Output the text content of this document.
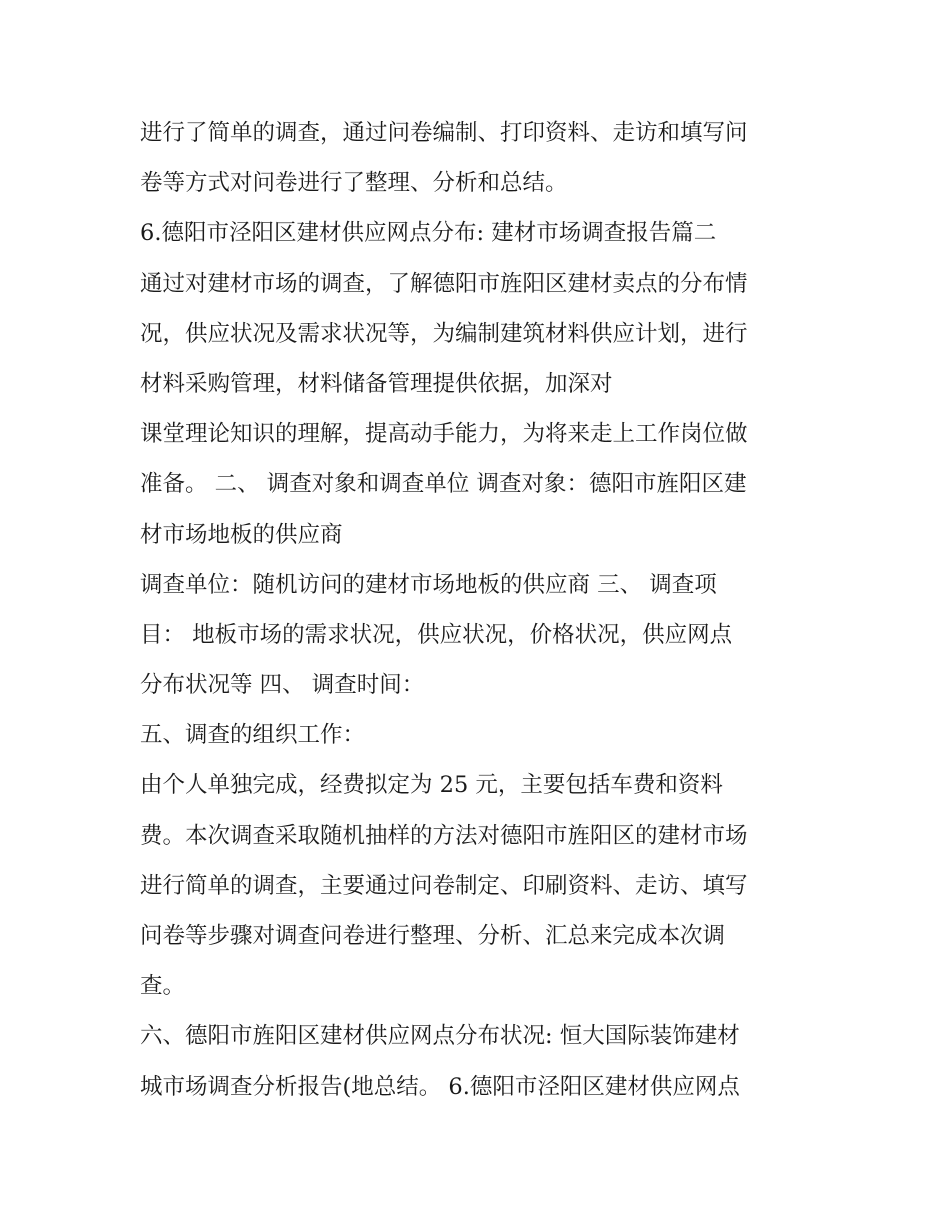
进行了简单的调查，通过问卷编制、打印资料、走访和填写问
卷等方式对问卷进行了整理、分析和总结。
6.德阳市泾阳区建材供应网点分布: 建材市场调查报告篇二
通过对建材市场的调查，了解德阳市旌阳区建材卖点的分布情
况，供应状况及需求状况等，为编制建筑材料供应计划，进行
材料采购管理，材料储备管理提供依据，加深对
课堂理论知识的理解，提高动手能力，为将来走上工作岗位做
准备。 二、 调查对象和调查单位 调查对象：德阳市旌阳区建
材市场地板的供应商
调查单位：随机访问的建材市场地板的供应商 三、 调查项
目： 地板市场的需求状况，供应状况，价格状况，供应网点
分布状况等 四、 调查时间：
五、调查的组织工作：
由个人单独完成，经费拟定为 25 元，主要包括车费和资料
费。本次调查采取随机抽样的方法对德阳市旌阳区的建材市场
进行简单的调查，主要通过问卷制定、印刷资料、走访、填写
问卷等步骤对调查问卷进行整理、分析、汇总来完成本次调
查。
六、德阳市旌阳区建材供应网点分布状况: 恒大国际装饰建材
城市场调查分析报告(地总结。 6.德阳市泾阳区建材供应网点
